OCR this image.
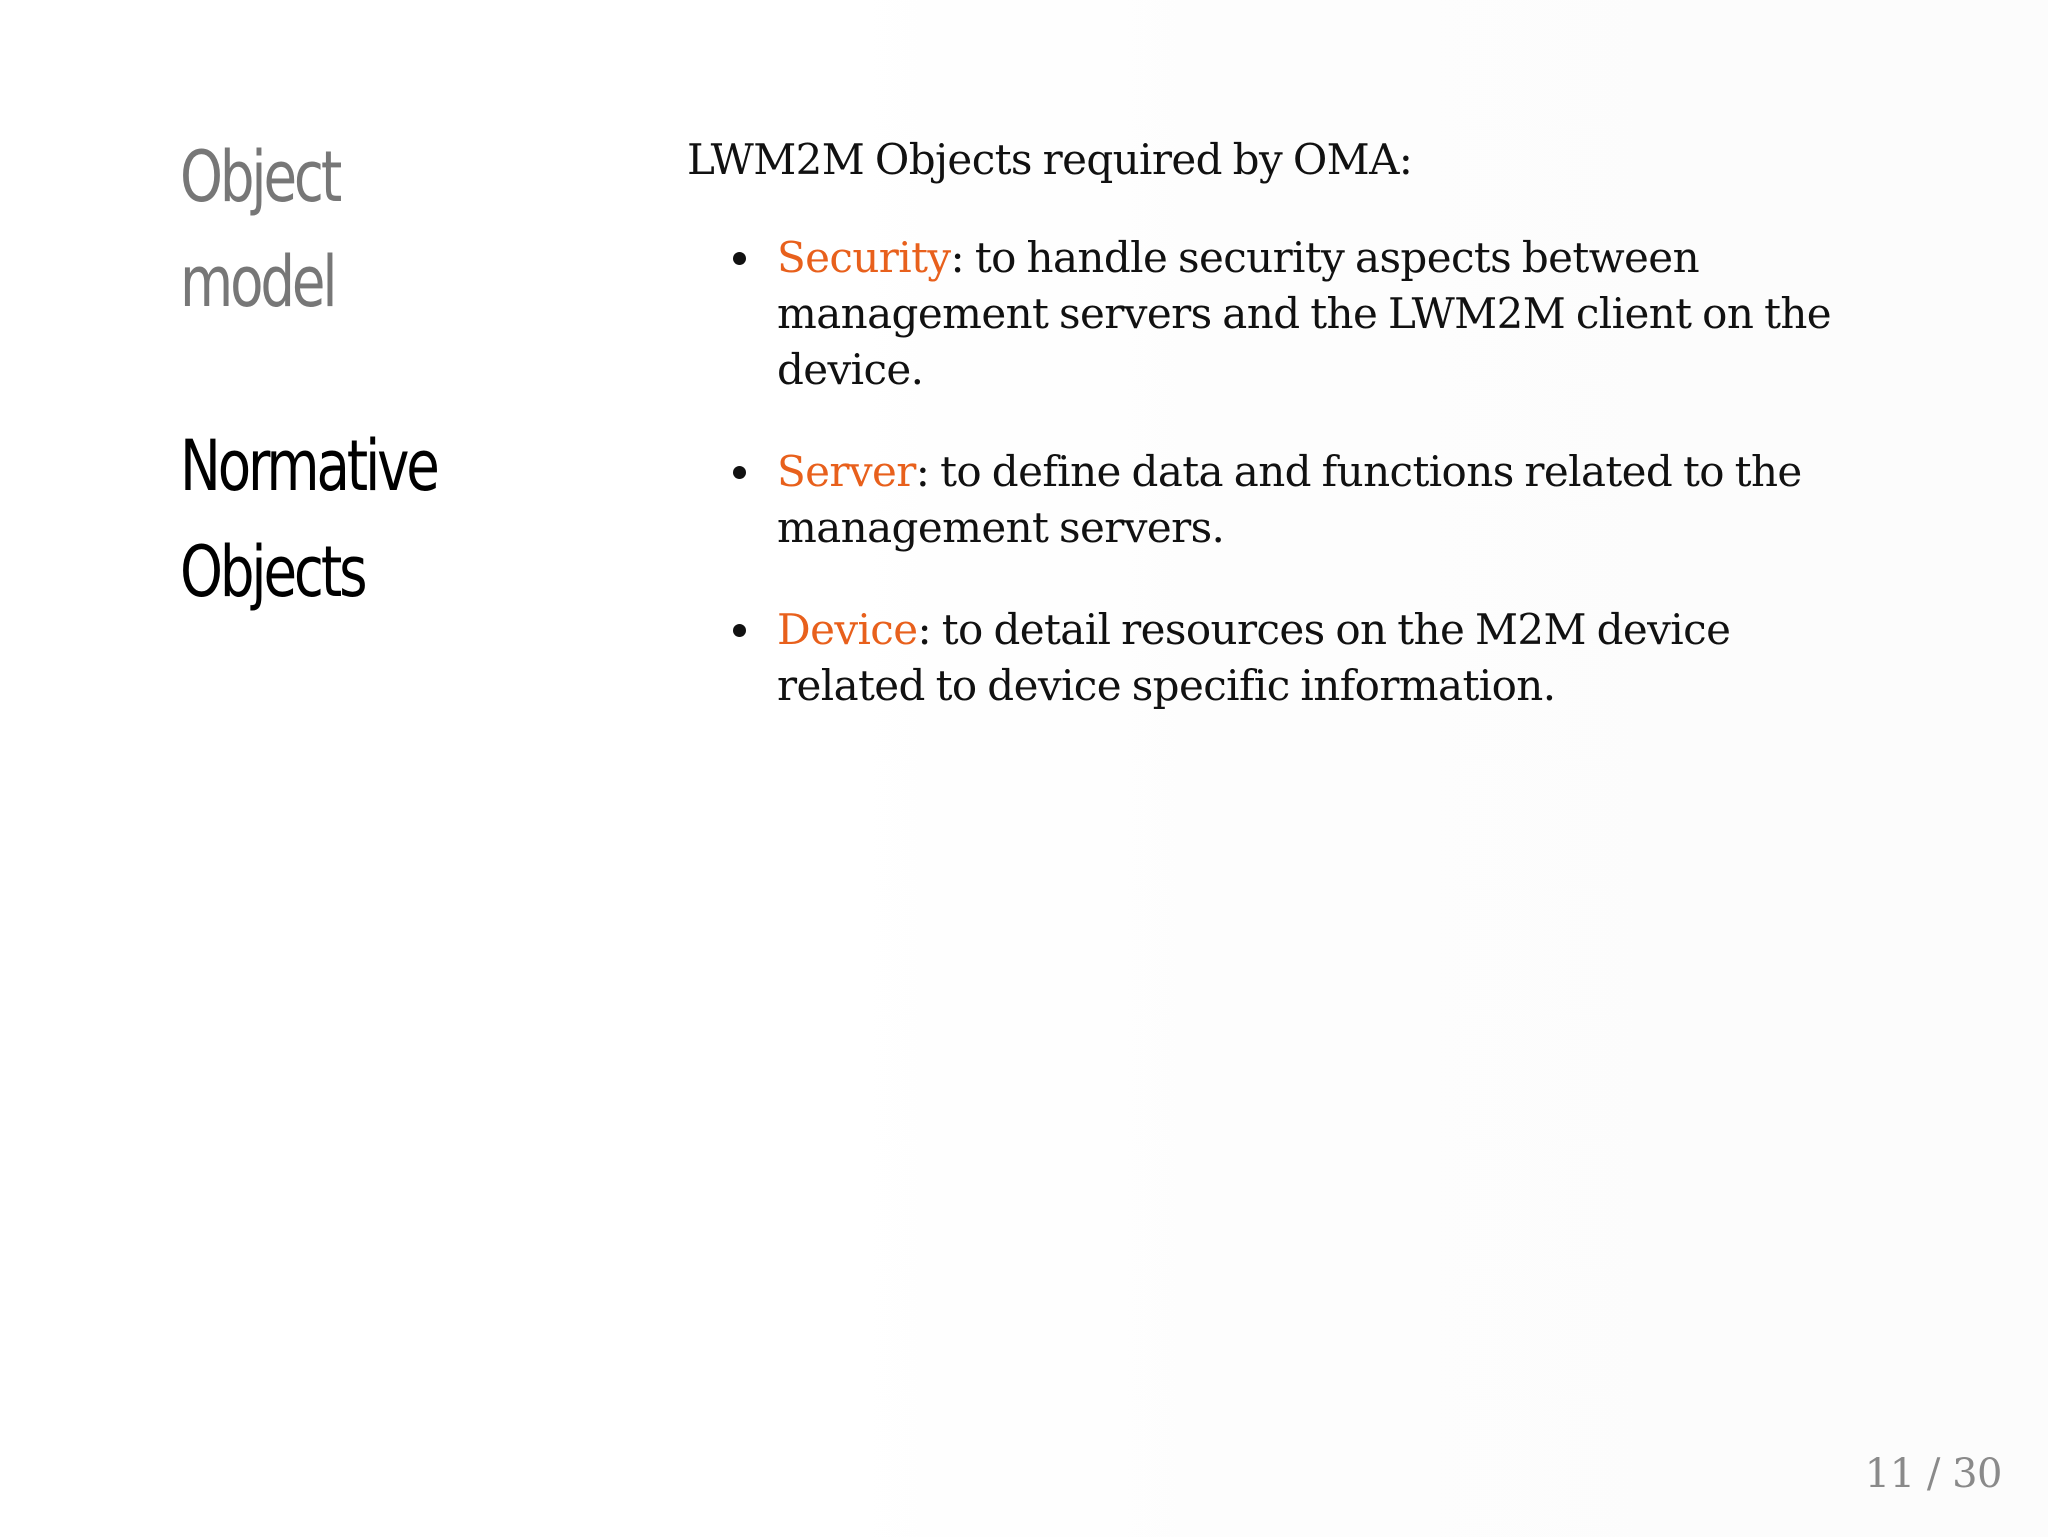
Object
model
Normative
Objects

LWM2M Objects required by OMA:

Security: to handle security aspects between management servers and the LWM2M client on the device.
Server: to define data and functions related to the management servers.
Device: to detail resources on the M2M device related to device specific information.
11 / 30
